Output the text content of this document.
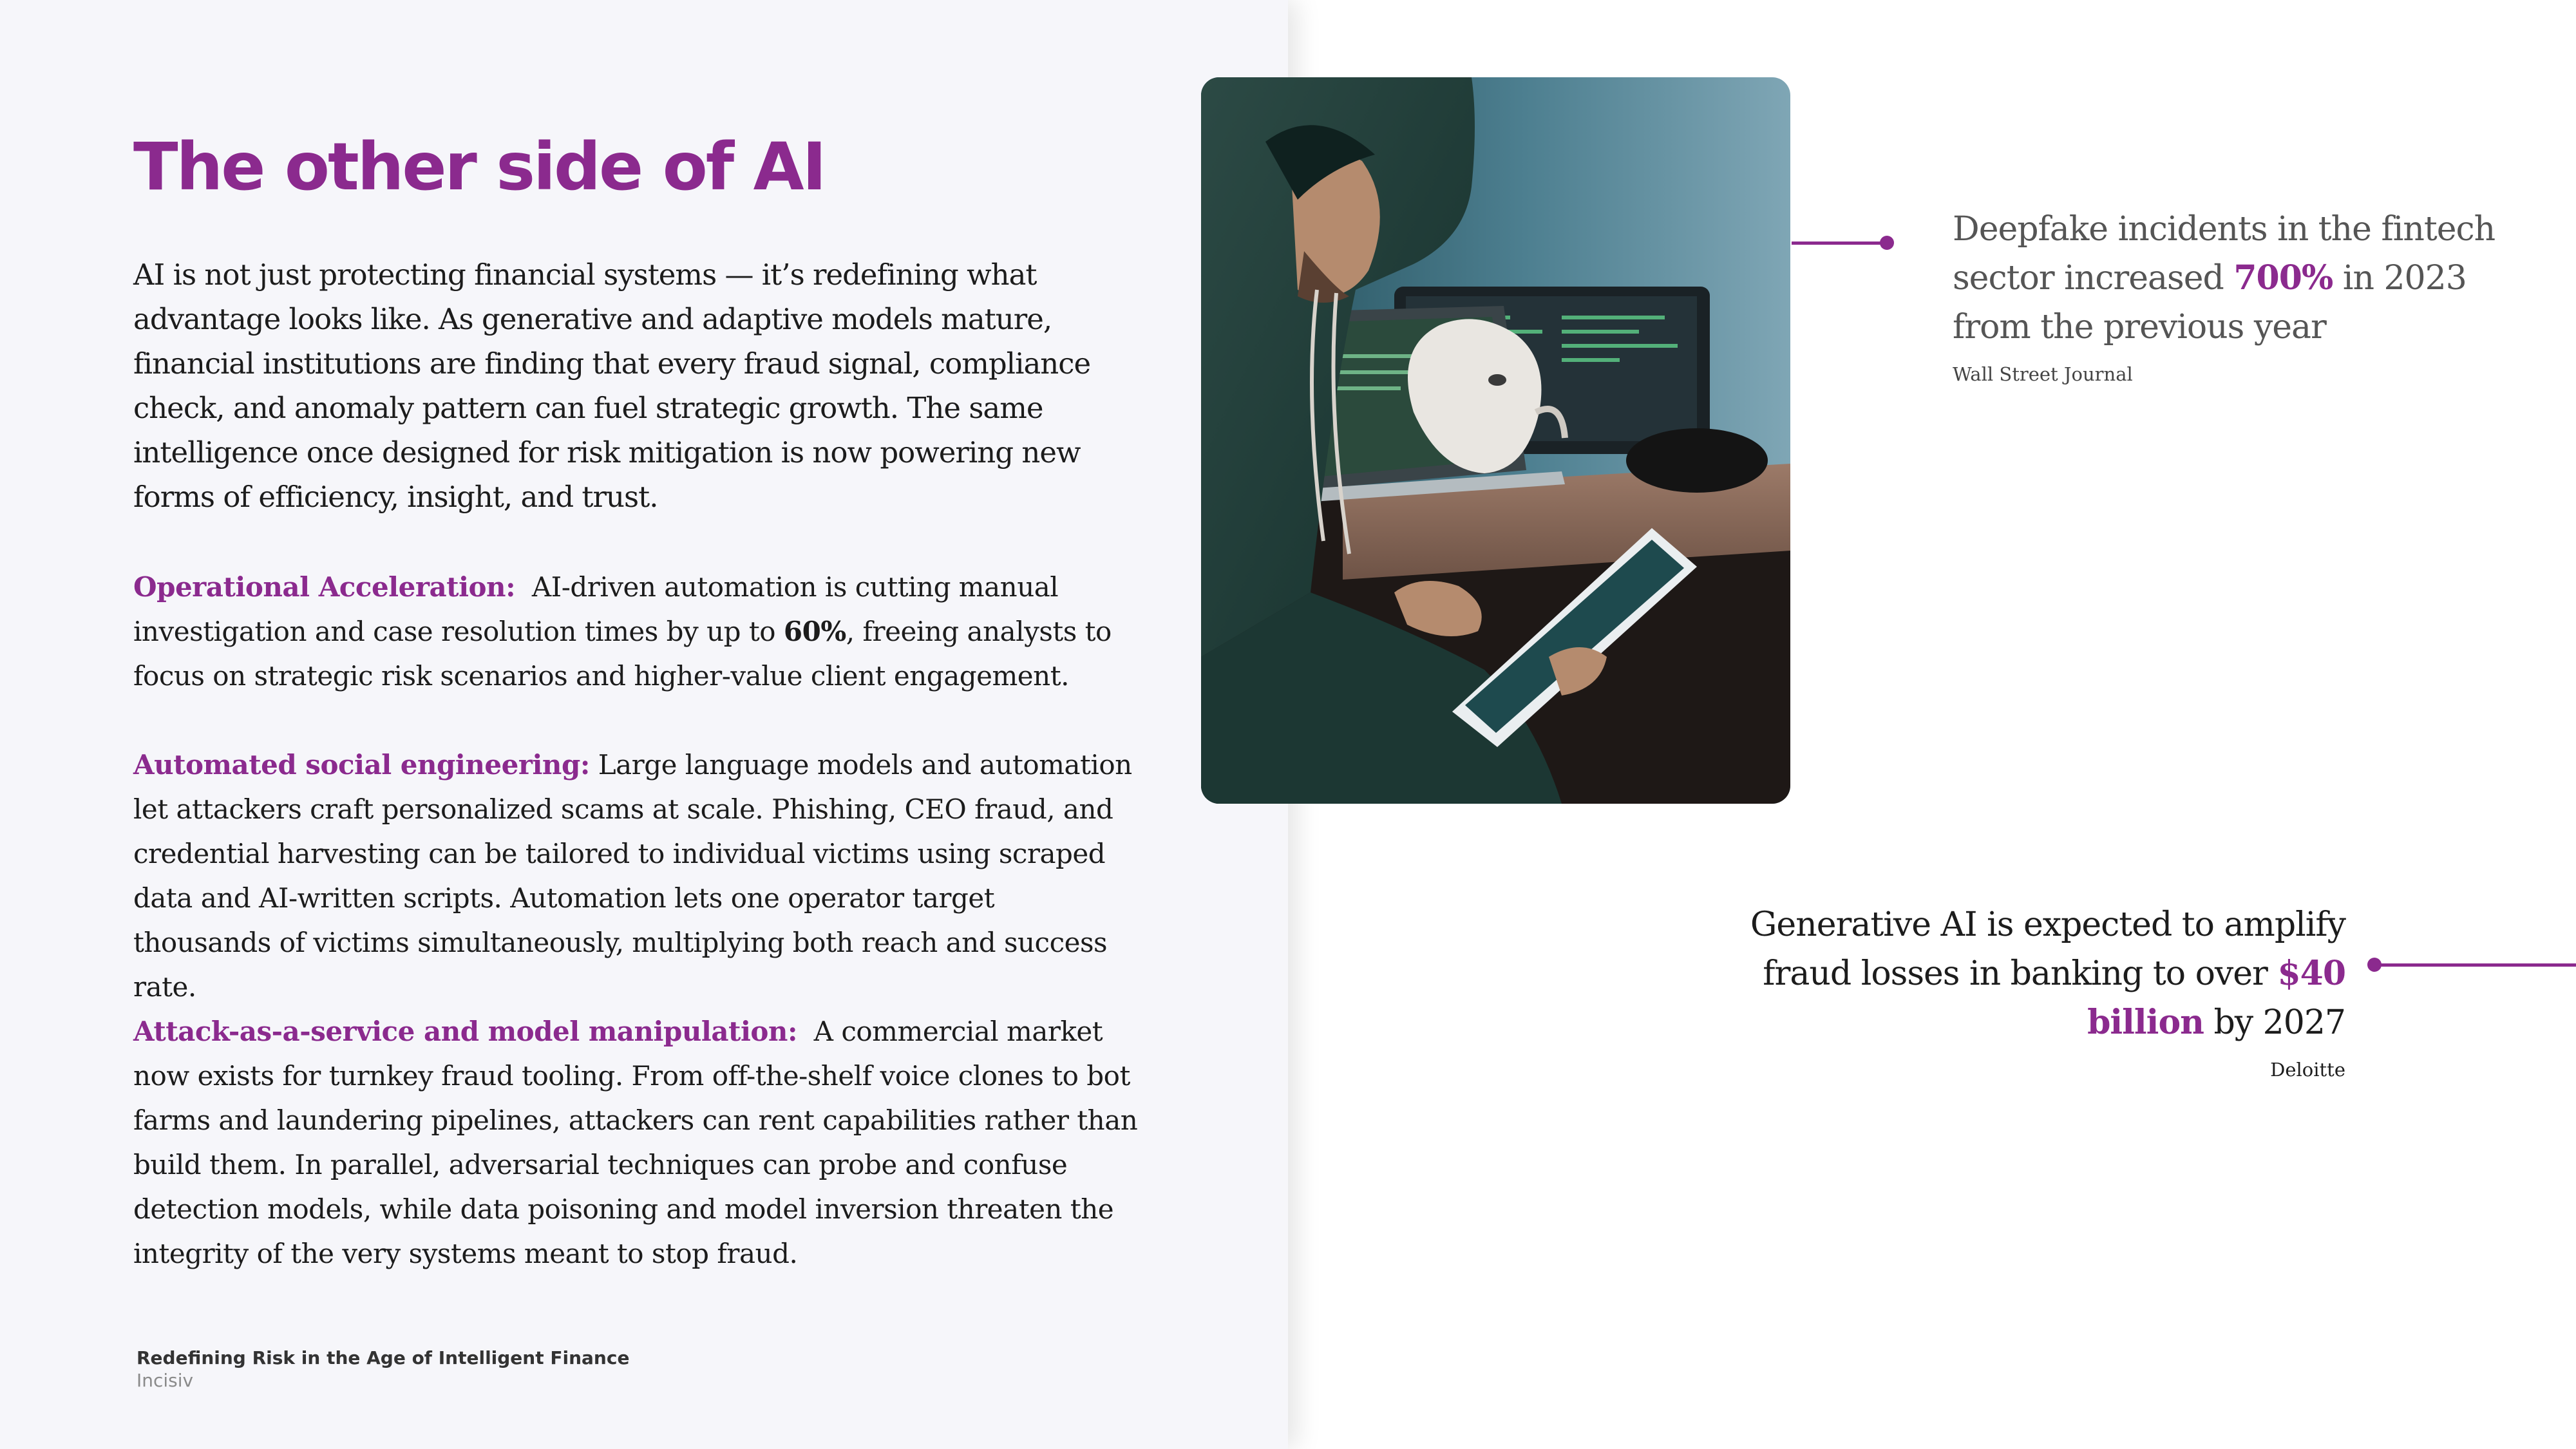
The other side of AI

AI is not just protecting financial systems — it’s redefining what advantage looks like. As generative and adaptive models mature, financial institutions are finding that every fraud signal, compliance check, and anomaly pattern can fuel strategic growth. The same intelligence once designed for risk mitigation is now powering new forms of efficiency, insight, and trust.

Operational Acceleration: AI-driven automation is cutting manual investigation and case resolution times by up to 60%, freeing analysts to focus on strategic risk scenarios and higher-value client engagement.

Automated social engineering: Large language models and automation let attackers craft personalized scams at scale. Phishing, CEO fraud, and credential harvesting can be tailored to individual victims using scraped data and AI-written scripts. Automation lets one operator target thousands of victims simultaneously, multiplying both reach and success rate.

Attack-as-a-service and model manipulation: A commercial market now exists for turnkey fraud tooling. From off-the-shelf voice clones to bot farms and laundering pipelines, attackers can rent capabilities rather than build them. In parallel, adversarial techniques can probe and confuse detection models, while data poisoning and model inversion threaten the integrity of the very systems meant to stop fraud.

Redefining Risk in the Age of Intelligent Finance
Incisiv

Deepfake incidents in the fintech sector increased 700% in 2023 from the previous year

Wall Street Journal

Generative AI is expected to amplify fraud losses in banking to over $40 billion by 2027

Deloitte
